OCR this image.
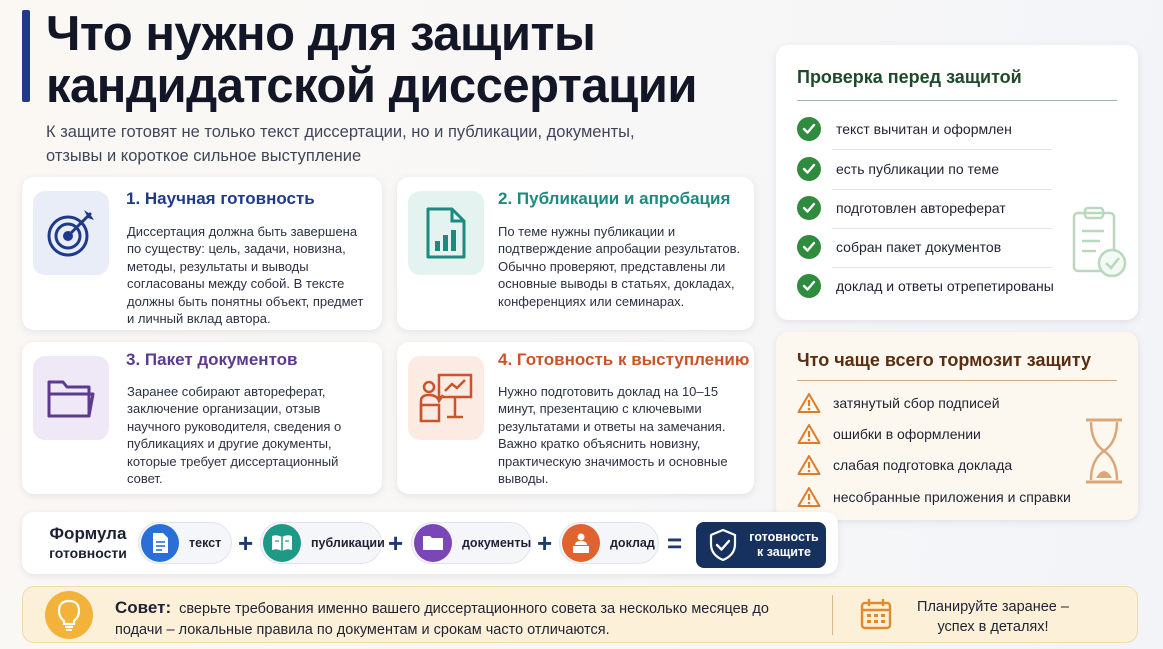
Что нужно для защиты кандидатской диссертации
К защите готовят не только текст диссертации, но и публикации, документы, отзывы и короткое сильное выступление
1. Научная готовность

Диссертация должна быть завершена по существу: цель, задачи, новизна, методы, результаты и выводы согласованы между собой. В тексте должны быть понятны объект, предмет и личный вклад автора.

2. Публикации и апробация

По теме нужны публикации и подтверждение апробации результатов. Обычно проверяют, представлены ли основные выводы в статьях, докладах, конференциях или семинарах.

3. Пакет документов

Заранее собирают автореферат, заключение организации, отзыв научного руководителя, сведения о публикациях и другие документы, которые требует диссертационный совет.

4. Готовность к выступлению

Нужно подготовить доклад на 10–15 минут, презентацию с ключевыми результатами и ответы на замечания. Важно кратко объяснить новизну, практическую значимость и основные выводы.

Проверка перед защитой
текст вычитан и оформлен
есть публикации по теме
подготовлен автореферат
собран пакет документов
доклад и ответы отрепетированы
Что чаще всего тормозит защиту
затянутый сбор подписей
ошибки в оформлении
слабая подготовка доклада
несобранные приложения и справки
Формула
готовности
текст +	публикации +	документы +	доклад =	готовность к защите
Совет: сверьте требования именно вашего диссертационного совета за несколько месяцев до подачи – локальные правила по документам и срокам часто отличаются.
Планируйте заранее – успех в деталях!
